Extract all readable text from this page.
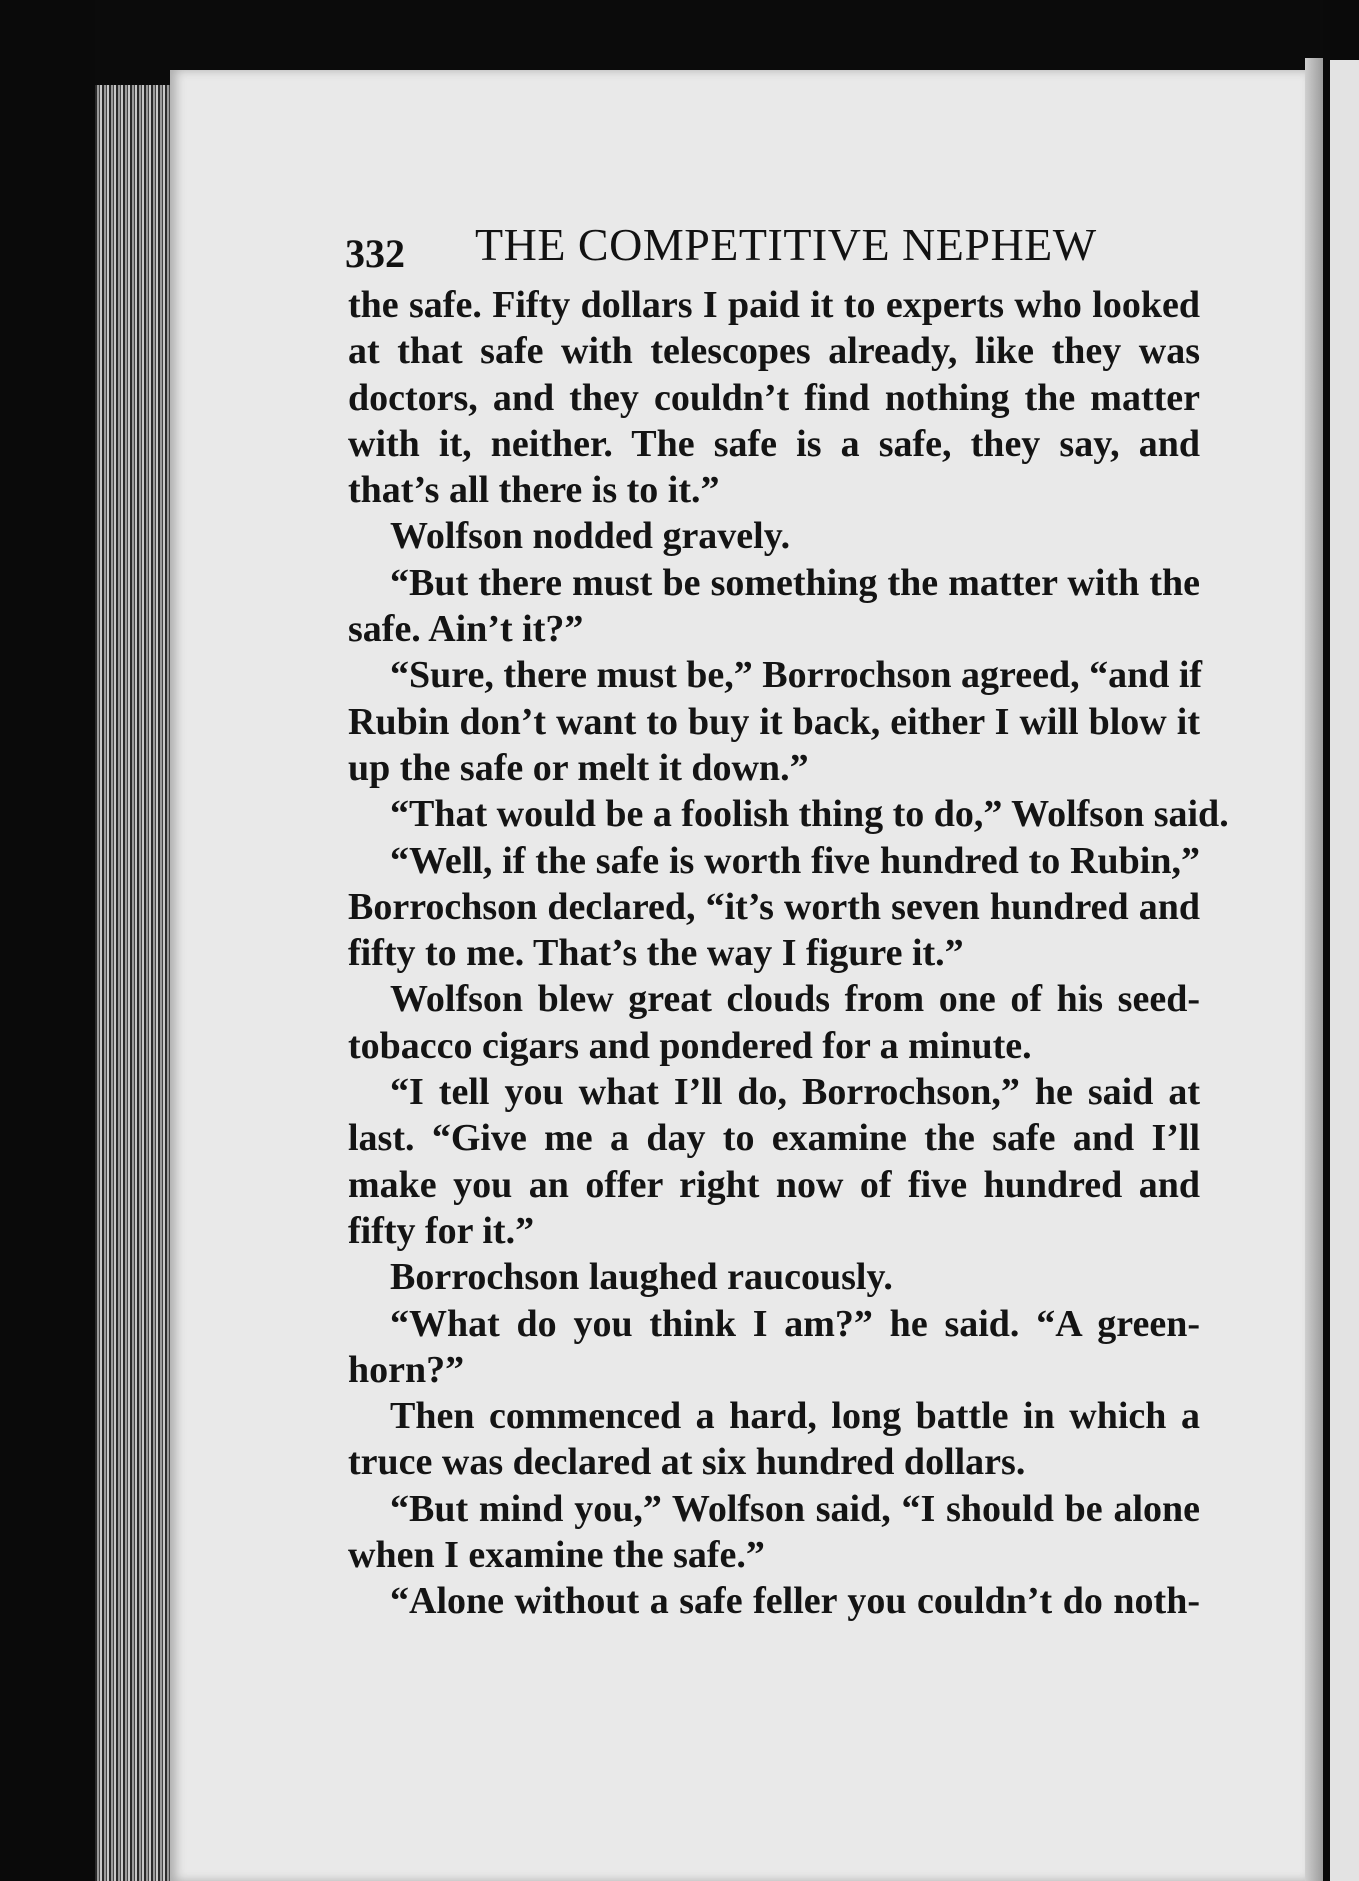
332 THE COMPETITIVE NEPHEW
the safe. Fifty dollars I paid it to experts who looked
at that safe with telescopes already, like they was
doctors, and they couldn’t find nothing the matter
with it, neither. The safe is a safe, they say, and
that’s all there is to it.”
Wolfson nodded gravely.
“But there must be something the matter with the
safe. Ain’t it?”
“Sure, there must be,” Borrochson agreed, “and if
Rubin don’t want to buy it back, either I will blow it
up the safe or melt it down.”
“That would be a foolish thing to do,” Wolfson said.
“Well, if the safe is worth five hundred to Rubin,”
Borrochson declared, “it’s worth seven hundred and
fifty to me. That’s the way I figure it.”
Wolfson blew great clouds from one of his seed-
tobacco cigars and pondered for a minute.
“I tell you what I’ll do, Borrochson,” he said at
last. “Give me a day to examine the safe and I’ll
make you an offer right now of five hundred and
fifty for it.”
Borrochson laughed raucously.
“What do you think I am?” he said. “A green-
horn?”
Then commenced a hard, long battle in which a
truce was declared at six hundred dollars.
“But mind you,” Wolfson said, “I should be alone
when I examine the safe.”
“Alone without a safe feller you couldn’t do noth-
